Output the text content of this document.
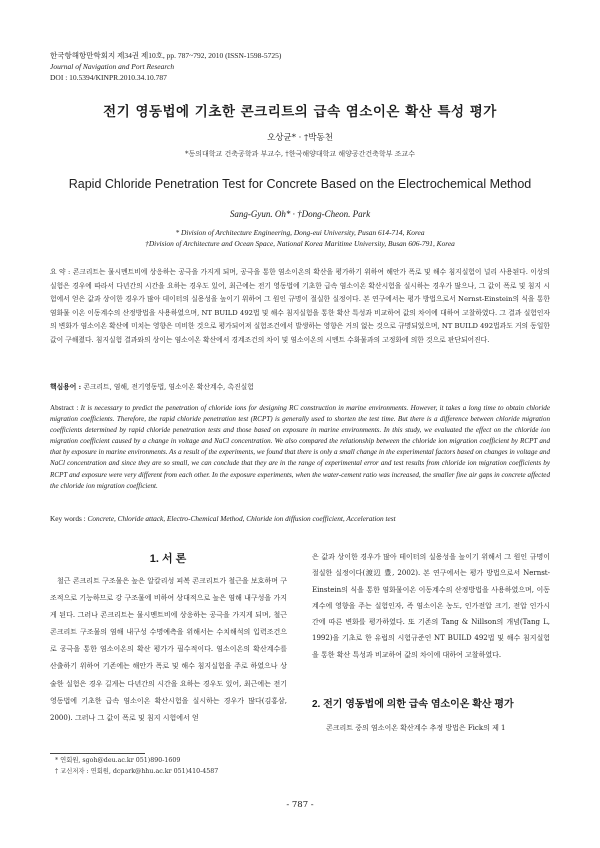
한국항해항만학회지 제34권 제10호, pp. 787~792, 2010 (ISSN-1598-5725)
Journal of Navigation and Port Research
DOI : 10.5394/KINPR.2010.34.10.787
전기 영동법에 기초한 콘크리트의 급속 염소이온 확산 특성 평가
오상균* · †박동천
*동의대학교 건축공학과 부교수, †한국해양대학교 해양공간건축학부 조교수
Rapid Chloride Penetration Test for Concrete Based on the Electrochemical Method
Sang-Gyun. Oh* · †Dong-Cheon. Park
* Division of Architecture Engineering, Dong-eui University, Pusan 614-714, Korea
†Division of Architecture and Ocean Space, National Korea Maritime University, Busan 606-791, Korea
요 약 : 콘크리트는 물시멘트비에 상응하는 공극을 가지게 되며, 공극을 통한 염소이온의 확산을 평가하기 위하여 해안가 폭로 및 해수 침지실험이 널리 사용된다. 이상의 실험은 경우에 따라서 다년간의 시간을 요하는 경우도 있어, 최근에는 전기 영동법에 기초한 급속 염소이온 확산시험을 실시하는 경우가 많으나, 그 값이 폭로 및 침지 시험에서 얻은 값과 상이한 경우가 많아 데이터의 실용성을 높이기 위하여 그 원인 규명이 절실한 실정이다. 본 연구에서는 평가 방법으로서 Nernst-Einstein의 식을 통한 염화물 이온 이동계수의 산정방법을 사용하였으며, NT BUILD 492법 및 해수 침지실험을 통한 확산 특성과 비교하여 값의 차이에 대하여 고찰하였다. 그 결과 실험인자의 변화가 염소이온 확산에 미치는 영향은 미비한 것으로 평가되어져 실험조건에서 발생하는 영향은 거의 없는 것으로 규명되었으며, NT BUILD 492법과도 거의 동일한 값이 구해졌다. 침지실험 결과와의 상이는 염소이온 확산에서 경계조건의 차이 및 염소이온의 시멘트 수화물과의 고정화에 의한 것으로 판단되어진다.
핵심용어 : 콘크리트, 염해, 전기영동법, 염소이온 확산계수, 촉진실험
Abstract : It is necessary to predict the penetration of chloride ions for designing RC construction in marine environments. However, it takes a long time to obtain chloride migration coefficients. Therefore, the rapid chloride penetration test (RCPT) is generally used to shorten the test time. But there is a difference between chloride migration coefficients determined by rapid chloride penetration tests and those based on exposure in marine environments. In this study, we evaluated the effect on the chloride ion migration coefficient caused by a change in voltage and NaCl concentration. We also compared the relationship between the chloride ion migration coefficient by RCPT and that by exposure in marine environments. As a result of the experiments, we found that there is only a small change in the experimental factors based on changes in voltage and NaCl concentration and since they are so small, we can conclude that they are in the range of experimental error and test results from chloride ion migration coefficients by RCPT and exposure were very different from each other. In the exposure experiments, when the water-cement ratio was increased, the smaller fine air gaps in concrete affected the chloride ion migration coefficient.
Key words : Concrete, Chloride attack, Electro-Chemical Method, Chloride ion diffusion coefficient, Acceleration test
1. 서 론
철근 콘크리트 구조물은 높은 알칼리성 피복 콘크리트가 철근을 보호하며 구조적으로 기능하므로 강 구조물에 비하여 상대적으로 높은 염해 내구성을 가지게 된다. 그러나 콘크리트는 물시멘트비에 상응하는 공극을 가지게 되며, 철근콘크리트 구조물의 염해 내구성 수명예측을 위해서는 수치해석의 입력조건으로 공극을 통한 염소이온의 확산 평가가 필수적이다. 염소이온의 확산계수를 산출하기 위하여 기존에는 해안가 폭로 및 해수 침지실험을 주로 하였으나 상술한 실험은 경우 길게는 다년간의 시간을 요하는 경우도 있어, 최근에는 전기 영동법에 기초한 급속 염소이온 확산시험을 실시하는 경우가 많다(김홍삼, 2000). 그러나 그 값이 폭로 및 침지 시험에서 얻
은 값과 상이한 경우가 많아 테이터의 실용성을 높이기 위해서 그 원인 규명이 절실한 실정이다(渡辺 豊, 2002). 본 연구에서는 평가 방법으로서 Nernst-Einstein의 식을 통한 염화물이온 이동계수의 산정방법을 사용하였으며, 이동계수에 영향을 주는 실험인자, 즉 염소이온 농도, 인가전압 크기, 전압 인가시간에 따른 변화를 평가하였다. 또 기존의 Tang & Nillson의 개념(Tang L, 1992)을 기초로 한 유럽의 시험규준인 NT BUILD 492법 및 해수 침지실험을 통한 확산 특성과 비교하여 값의 차이에 대하여 고찰하였다.
2. 전기 영동법에 의한 급속 염소이온 확산 평가
콘크리트 중의 염소이온 확산계수 추정 방법은 Fick의 제 1
* 연회원, sgoh@deu.ac.kr 051)890-1609
† 교신저자 : 연회원, dcpark@hhu.ac.kr 051)410-4587
- 787 -
